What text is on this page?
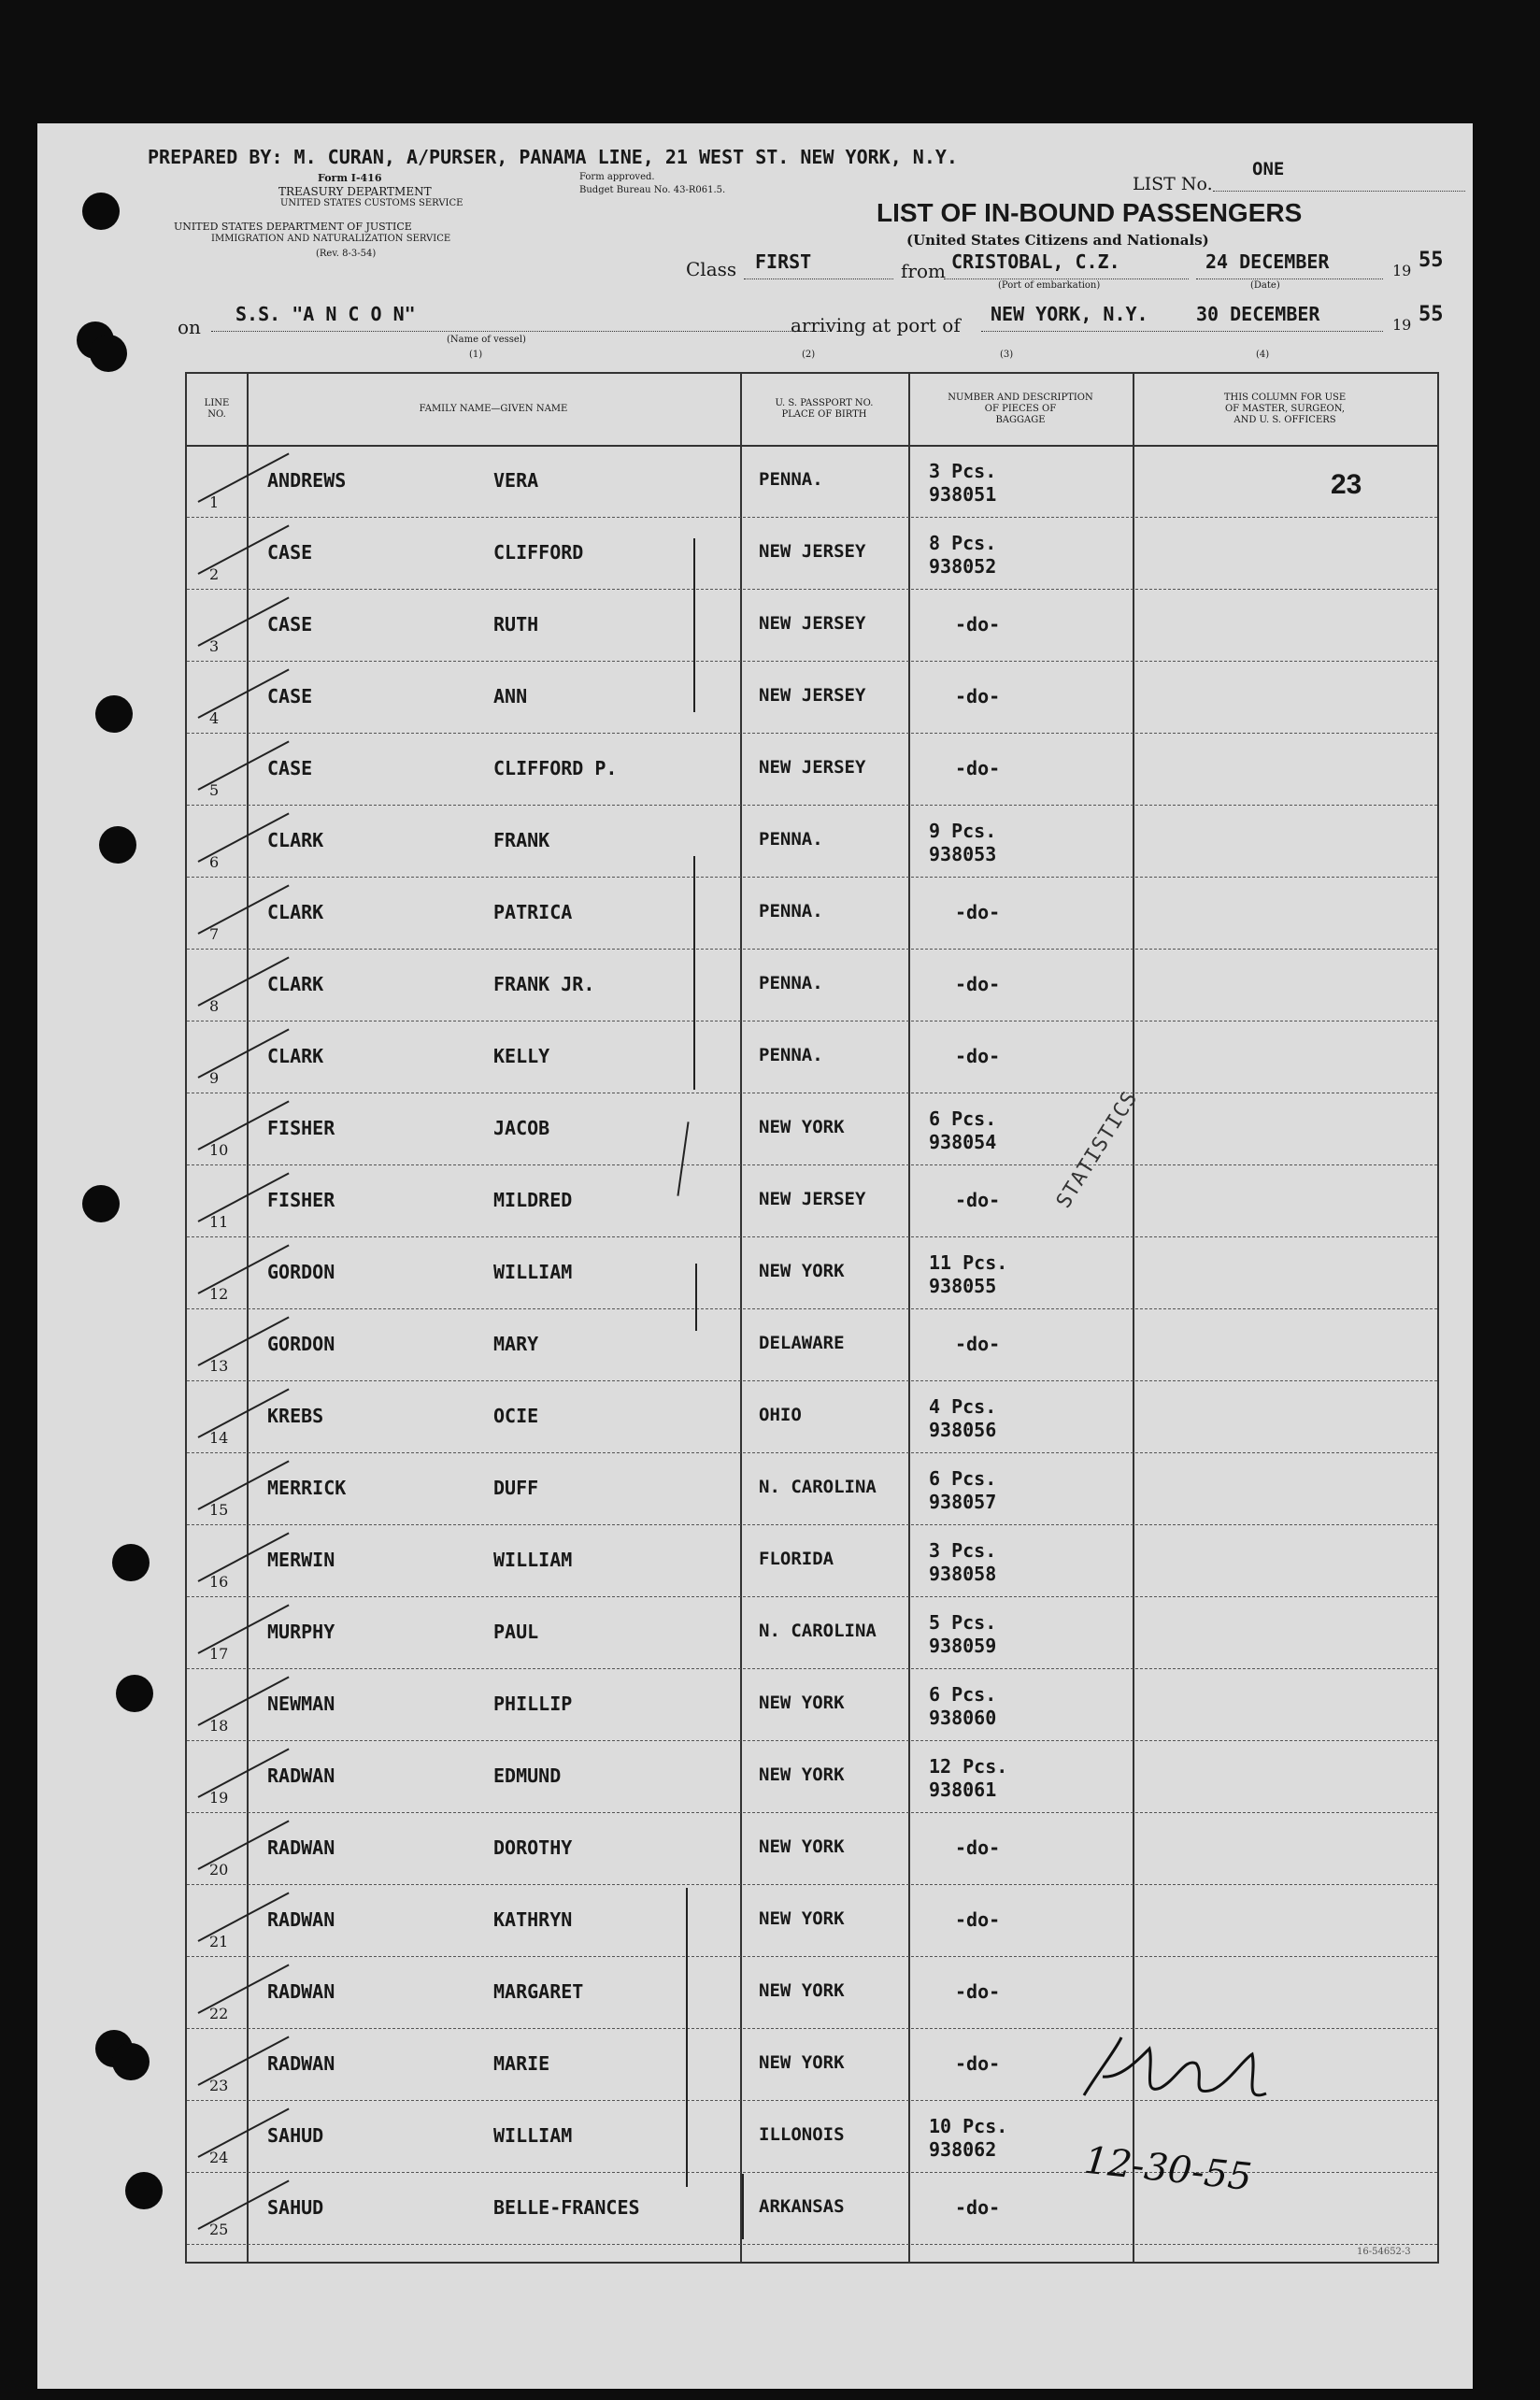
PREPARED BY: M. CURAN, A/PURSER, PANAMA LINE, 21 WEST ST. NEW YORK, N.Y.
Form I-416
TREASURY DEPARTMENT
UNITED STATES CUSTOMS SERVICE
UNITED STATES DEPARTMENT OF JUSTICE
IMMIGRATION AND NATURALIZATION SERVICE
(Rev. 8-3-54)
Form approved.
Budget Bureau No. 43-R061.5.	LIST No.
ONE
LIST OF IN-BOUND PASSENGERS
(United States Citizens and Nationals)
Class FIRST	from CRISTOBAL, C.Z.
(Port of embarkation)
24 DECEMBER
(Date)
19 55
on
S.S. "A N C O N"
(Name of vessel)
(1)
arriving at port of NEW YORK, N.Y.	30 DECEMBER	19 55
(2)	(3)	(4)
LINE
NO.
FAMILY NAME—GIVEN NAME
U. S. PASSPORT NO.
PLACE OF BIRTH
NUMBER AND DESCRIPTION
OF PIECES OF
BAGGAGE
THIS COLUMN FOR USE
OF MASTER, SURGEON,
AND U. S. OFFICERS
1
ANDREWS	VERA	PENNA.	3 Pcs.
938051
2
CASE	CLIFFORD	NEW JERSEY	8 Pcs.
938052
3
CASE	RUTH	NEW JERSEY	-do-
4
CASE	ANN	NEW JERSEY	-do-
5
CASE	CLIFFORD P.	NEW JERSEY	-do-
6
CLARK	FRANK	PENNA.	9 Pcs.
938053
7
CLARK	PATRICA	PENNA.	-do-
8
CLARK	FRANK JR.	PENNA.	-do-
9
CLARK	KELLY	PENNA.	-do-
10
FISHER	JACOB	NEW YORK	6 Pcs.
938054
11
FISHER	MILDRED	NEW JERSEY	-do-
12
GORDON	WILLIAM	NEW YORK	11 Pcs.
938055
13
GORDON	MARY	DELAWARE	-do-
14
KREBS	OCIE	OHIO	4 Pcs.
938056
15
MERRICK	DUFF	N. CAROLINA	6 Pcs.
938057
16
MERWIN	WILLIAM	FLORIDA	3 Pcs.
938058
17
MURPHY	PAUL	N. CAROLINA	5 Pcs.
938059
18
NEWMAN	PHILLIP	NEW YORK	6 Pcs.
938060
19
RADWAN	EDMUND	NEW YORK	12 Pcs.
938061
20
RADWAN	DOROTHY	NEW YORK	-do-
21
RADWAN	KATHRYN	NEW YORK	-do-
22
RADWAN	MARGARET	NEW YORK	-do-
23
RADWAN	MARIE	NEW YORK	-do-
24
SAHUD	WILLIAM	ILLONOIS	10 Pcs.
938062
25
SAHUD	BELLE-FRANCES	ARKANSAS	-do-
23
STATISTICS
12-30-55
16-54652-3
